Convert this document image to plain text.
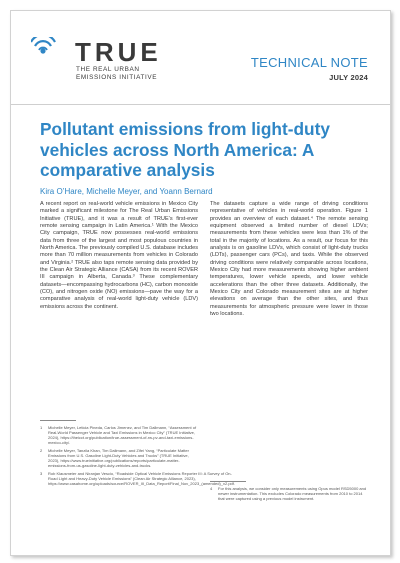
TRUE
THE REAL URBAN
EMISSIONS INITIATIVE
TECHNICAL NOTE
JULY 2024
Pollutant emissions from light-duty vehicles across North America: A comparative analysis
Kira O’Hare, Michelle Meyer, and Yoann Bernard

A recent report on real-world vehicle emissions in Mexico City marked a significant milestone for The Real Urban Emissions Initiative (TRUE), and it was a result of TRUE’s first-ever remote sensing campaign in Latin America.¹ With the Mexico City campaign, TRUE now possesses real-world emissions data from three of the largest and most populous countries in North America. The previously compiled U.S. database includes more than 70 million measurements from vehicles in Colorado and Virginia.² TRUE also taps remote sensing data provided by the Clean Air Strategic Alliance (CASA) from its recent ROVER III campaign in Alberta, Canada.³ These complementary datasets—encompassing hydrocarbons (HC), carbon monoxide (CO), and nitrogen oxide (NO) emissions—pave the way for a comparative analysis of real-world light-duty vehicle (LDV) emissions across the continent.

The datasets capture a wide range of driving conditions representative of vehicles in real-world operation. Figure 1 provides an overview of each dataset.⁴ The remote sensing equipment observed a limited number of diesel LDVs; measurements from these vehicles were less than 1% of the total in the majority of locations. As a result, our focus for this analysis is on gasoline LDVs, which consist of light-duty trucks (LDTs), passenger cars (PCs), and taxis. While the observed driving conditions were relatively comparable across locations, Mexico City had more measurements showing higher ambient temperatures, lower vehicle speeds, and lower vehicle accelerations than the other three datasets. Additionally, the Mexico City and Colorado measurement sites are at higher elevations on average than the other sites, and thus measurements for atmospheric pressure were lower in those two locations.

1	Michelle Meyer, Leticia Pineda, Carlos Jimenez, and Tim Dallmann, “Assessment of Real-World Passenger Vehicle and Taxi Emissions in Mexico City” (TRUE Initiative, 2024), https://theicct.org/publication/true-assessment-of-rw-pv-and-taxi-emissions-mexico-city/.
2	Michelle Meyer, Tanzila Khan, Tim Dallmann, and Zifei Yang, “Particulate Matter Emissions from U.S. Gasoline Light-Duty Vehicles and Trucks” (TRUE Initiative, 2023), https://www.trueinitiative.org/publications/reports/particulate-matter-emissions-from-us-gasoline-light-duty-vehicles-and-trucks.
3	Rob Klausmeier and Niranjan Vescio, “Roadside Optical Vehicle Emissions Reporter III: A Survey of On-Road Light and Heavy-Duty Vehicle Emissions” (Clean Air Strategic Alliance, 2023), https://www.casahome.org/uploads/source/ROVER_III_Data_Report/Final_Nov_2023_(amended)_v2.pdf.
4	For this analysis, we consider only measurements using Opus model RSD5000 and newer instrumentation. This excludes Colorado measurements from 2010 to 2014 that were captured using a previous model instrument.
